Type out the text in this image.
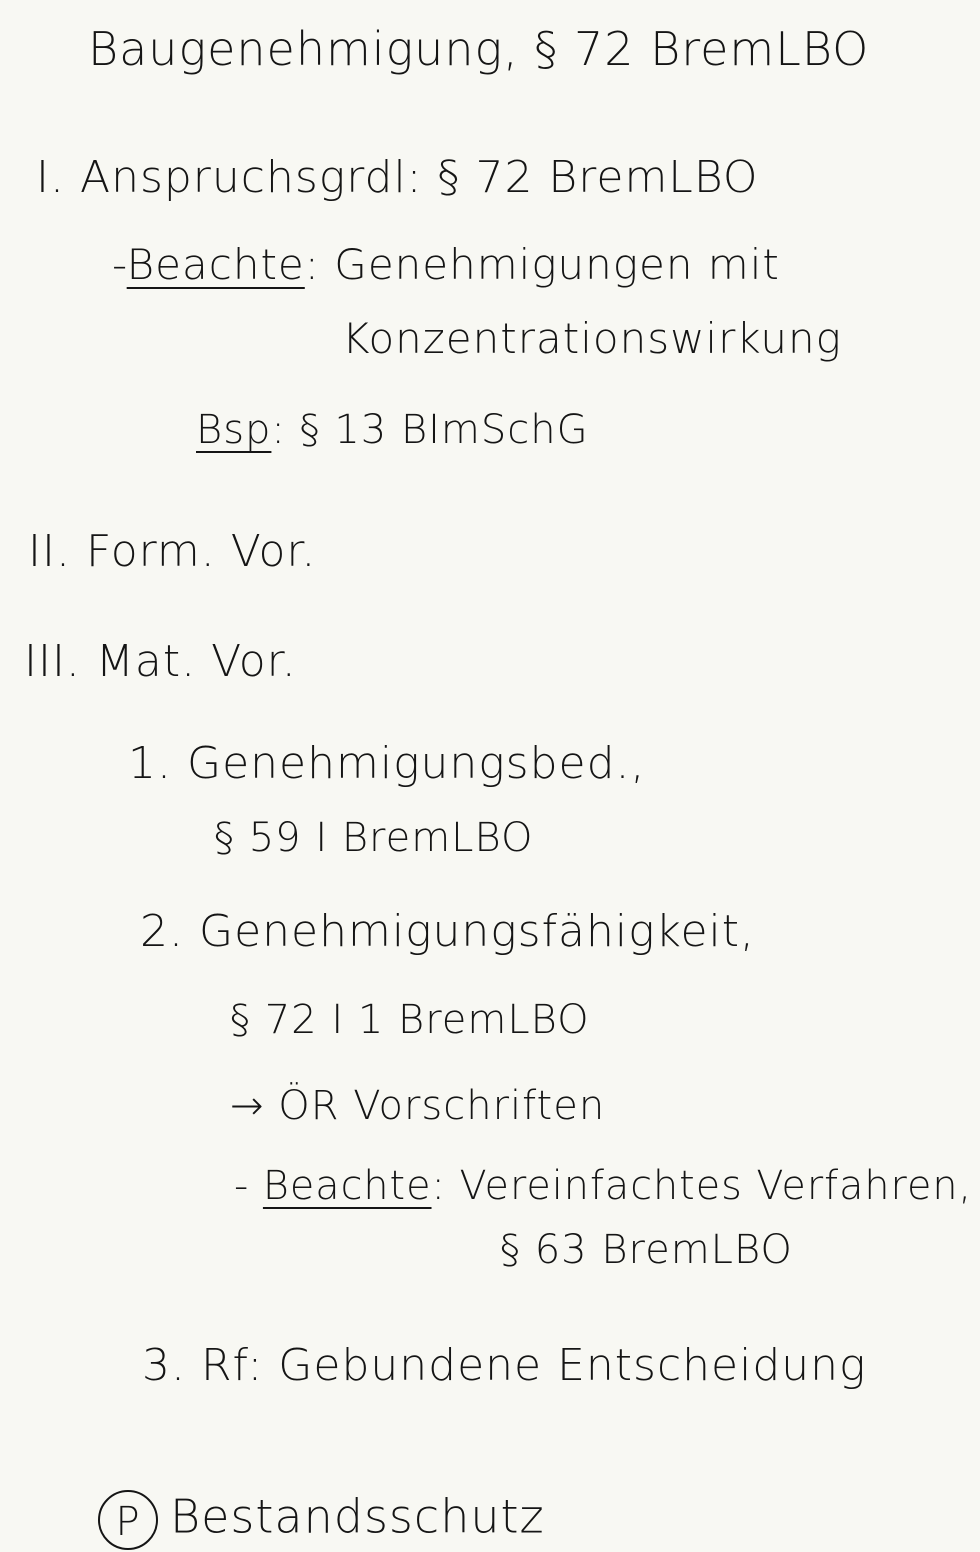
Baugenehmigung, § 72 BremLBO
I. Anspruchsgrdl: § 72 BremLBO
-Beachte: Genehmigungen mit
Konzentrationswirkung
Bsp: § 13 BImSchG
II. Form. Vor.
III. Mat. Vor.
1. Genehmigungsbed.,
§ 59 I BremLBO
2. Genehmigungsfähigkeit,
§ 72 I 1 BremLBO
→ ÖR Vorschriften
- Beachte: Vereinfachtes Verfahren,
§ 63 BremLBO
3. Rf: Gebundene Entscheidung
P Bestandsschutz
